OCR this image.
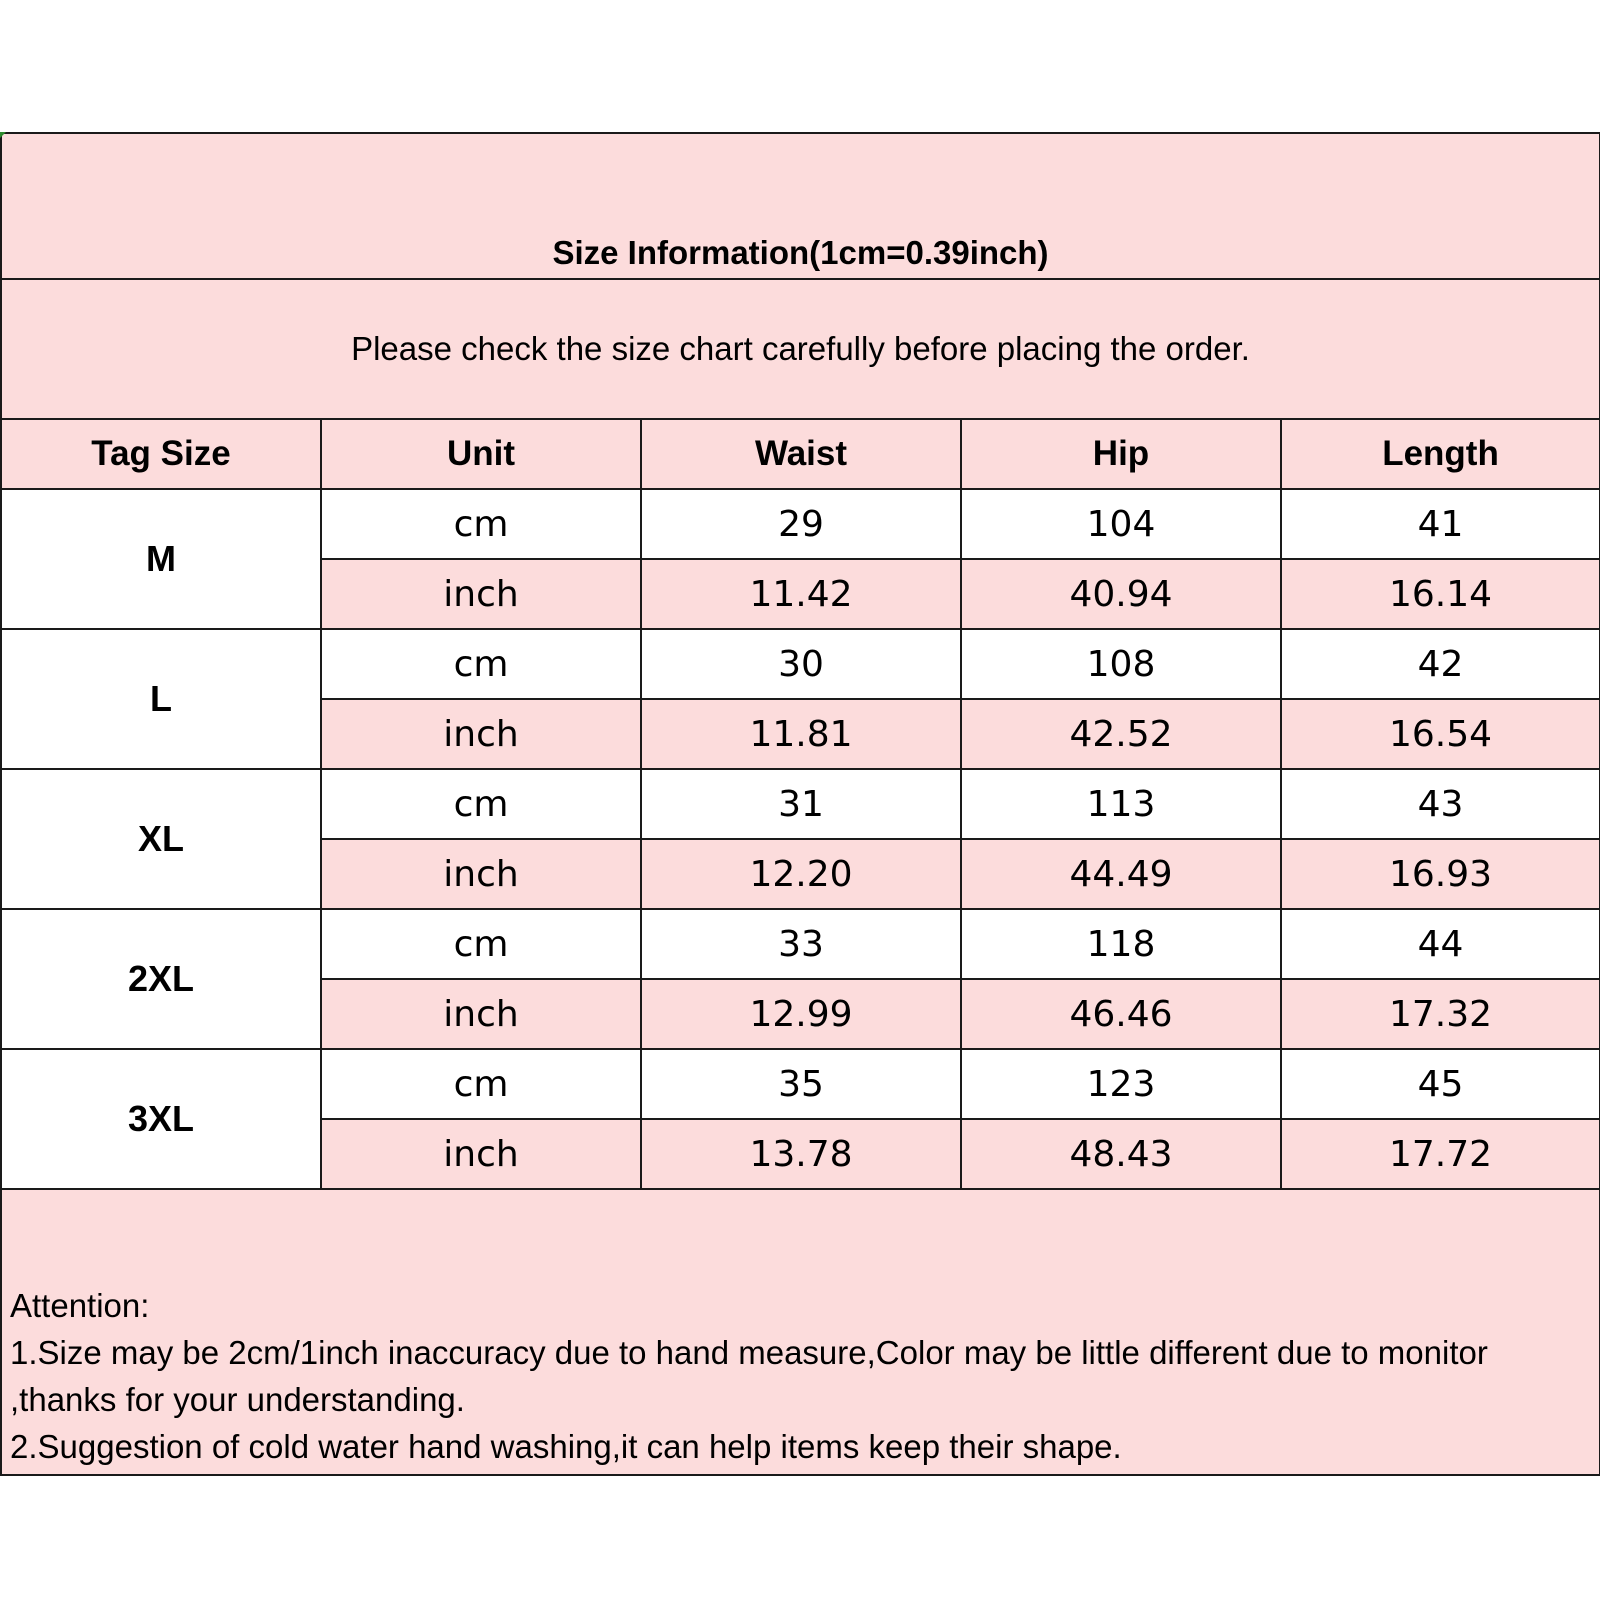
Size Information(1cm=0.39inch)				
Please check the size chart carefully before placing the order.				
Tag Size	Unit	Waist	Hip	Length
M	cm	29	104	41
	inch	11.42	40.94	16.14
L	cm	30	108	42
	inch	11.81	42.52	16.54
XL	cm	31	113	43
	inch	12.20	44.49	16.93
2XL	cm	33	118	44
	inch	12.99	46.46	17.32
3XL	cm	35	123	45
	inch	13.78	48.43	17.72

Attention:
1.Size may be 2cm/1inch inaccuracy due to hand measure,Color may be little different due to monitor ,thanks for your understanding.
2.Suggestion of cold water hand washing,it can help items keep their shape.				
